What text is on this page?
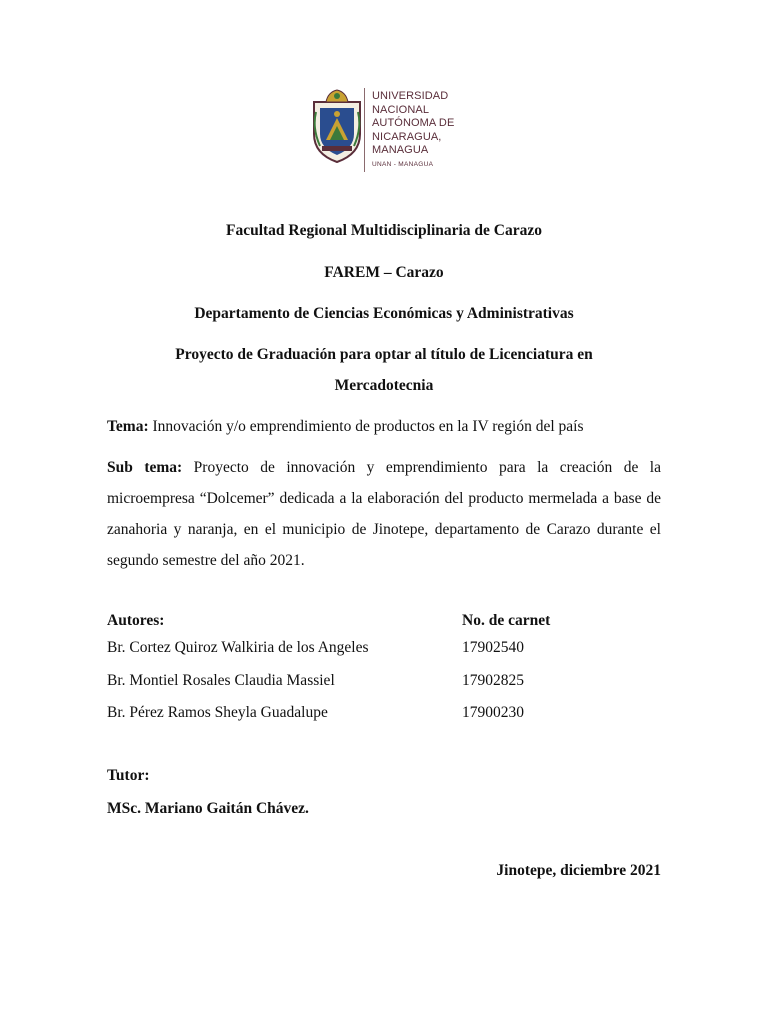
UNIVERSIDAD
NACIONAL
AUTÓNOMA DE
NICARAGUA,
MANAGUA
UNAN - MANAGUA
Facultad Regional Multidisciplinaria de Carazo
FAREM – Carazo
Departamento de Ciencias Económicas y Administrativas
Proyecto de Graduación para optar al título de Licenciatura en
Mercadotecnia
Tema: Innovación y/o emprendimiento de productos en la IV región del país
Sub tema: Proyecto de innovación y emprendimiento para la creación de la microempresa “Dolcemer” dedicada a la elaboración del producto mermelada a base de zanahoria y naranja, en el municipio de Jinotepe, departamento de Carazo durante el segundo semestre del año 2021.
Autores:	No. de carnet
Br. Cortez Quiroz Walkiria de los Angeles	17902540
Br. Montiel Rosales Claudia Massiel	17902825
Br. Pérez Ramos Sheyla Guadalupe	17900230
Tutor:
MSc. Mariano Gaitán Chávez.
Jinotepe, diciembre 2021
